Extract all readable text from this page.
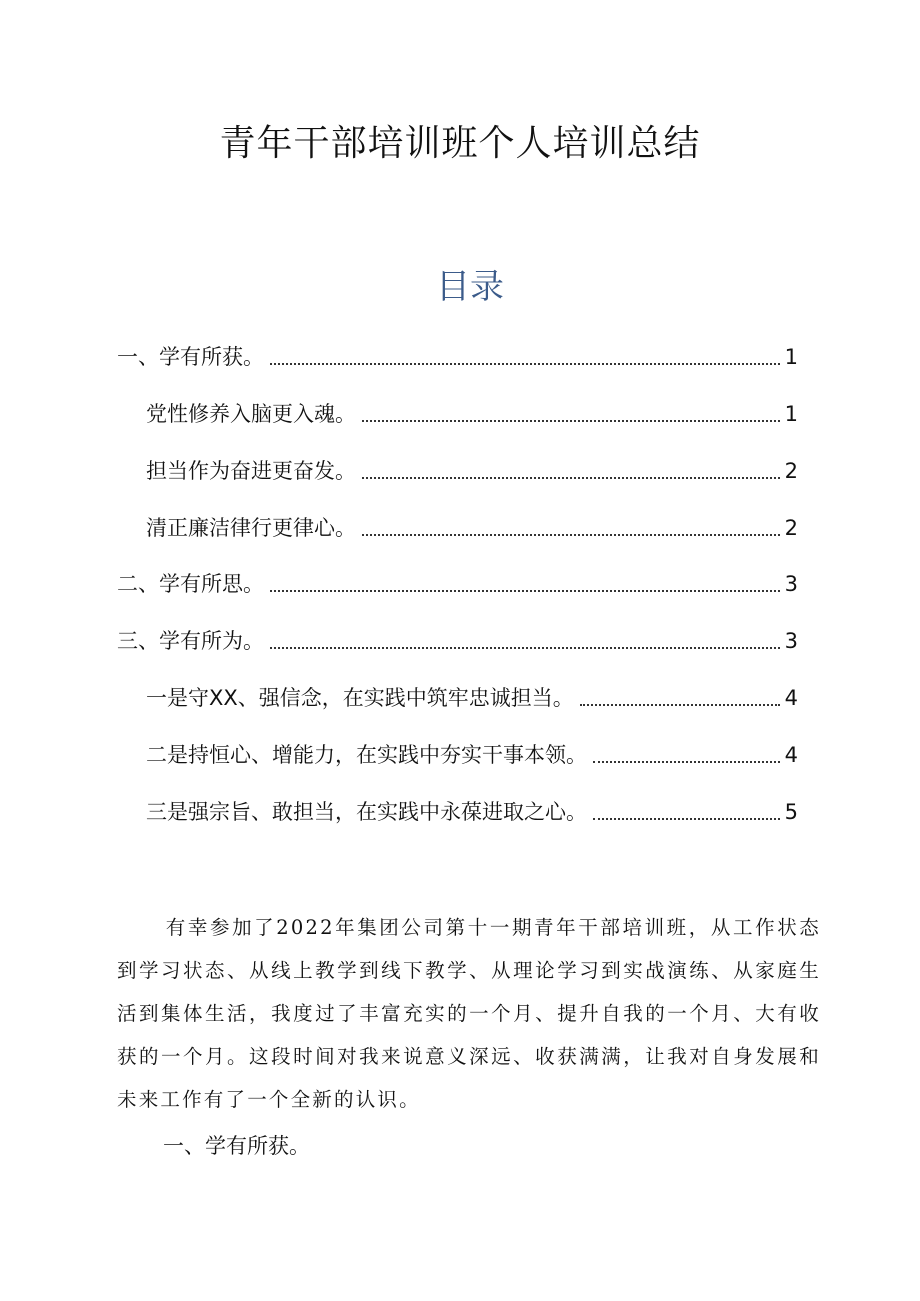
青年干部培训班个人培训总结
目录
一、学有所获。	1
党性修养入脑更入魂。	1
担当作为奋进更奋发。	2
清正廉洁律行更律心。	2
二、学有所思。	3
三、学有所为。	3
一是守XX、强信念，在实践中筑牢忠诚担当。	4
二是持恒心、增能力，在实践中夯实干事本领。	4
三是强宗旨、敢担当，在实践中永葆进取之心。	5

有幸参加了2022年集团公司第十一期青年干部培训班，从工作状态到学习状态、从线上教学到线下教学、从理论学习到实战演练、从家庭生活到集体生活，我度过了丰富充实的一个月、提升自我的一个月、大有收获的一个月。这段时间对我来说意义深远、收获满满，让我对自身发展和未来工作有了一个全新的认识。

一、学有所获。
